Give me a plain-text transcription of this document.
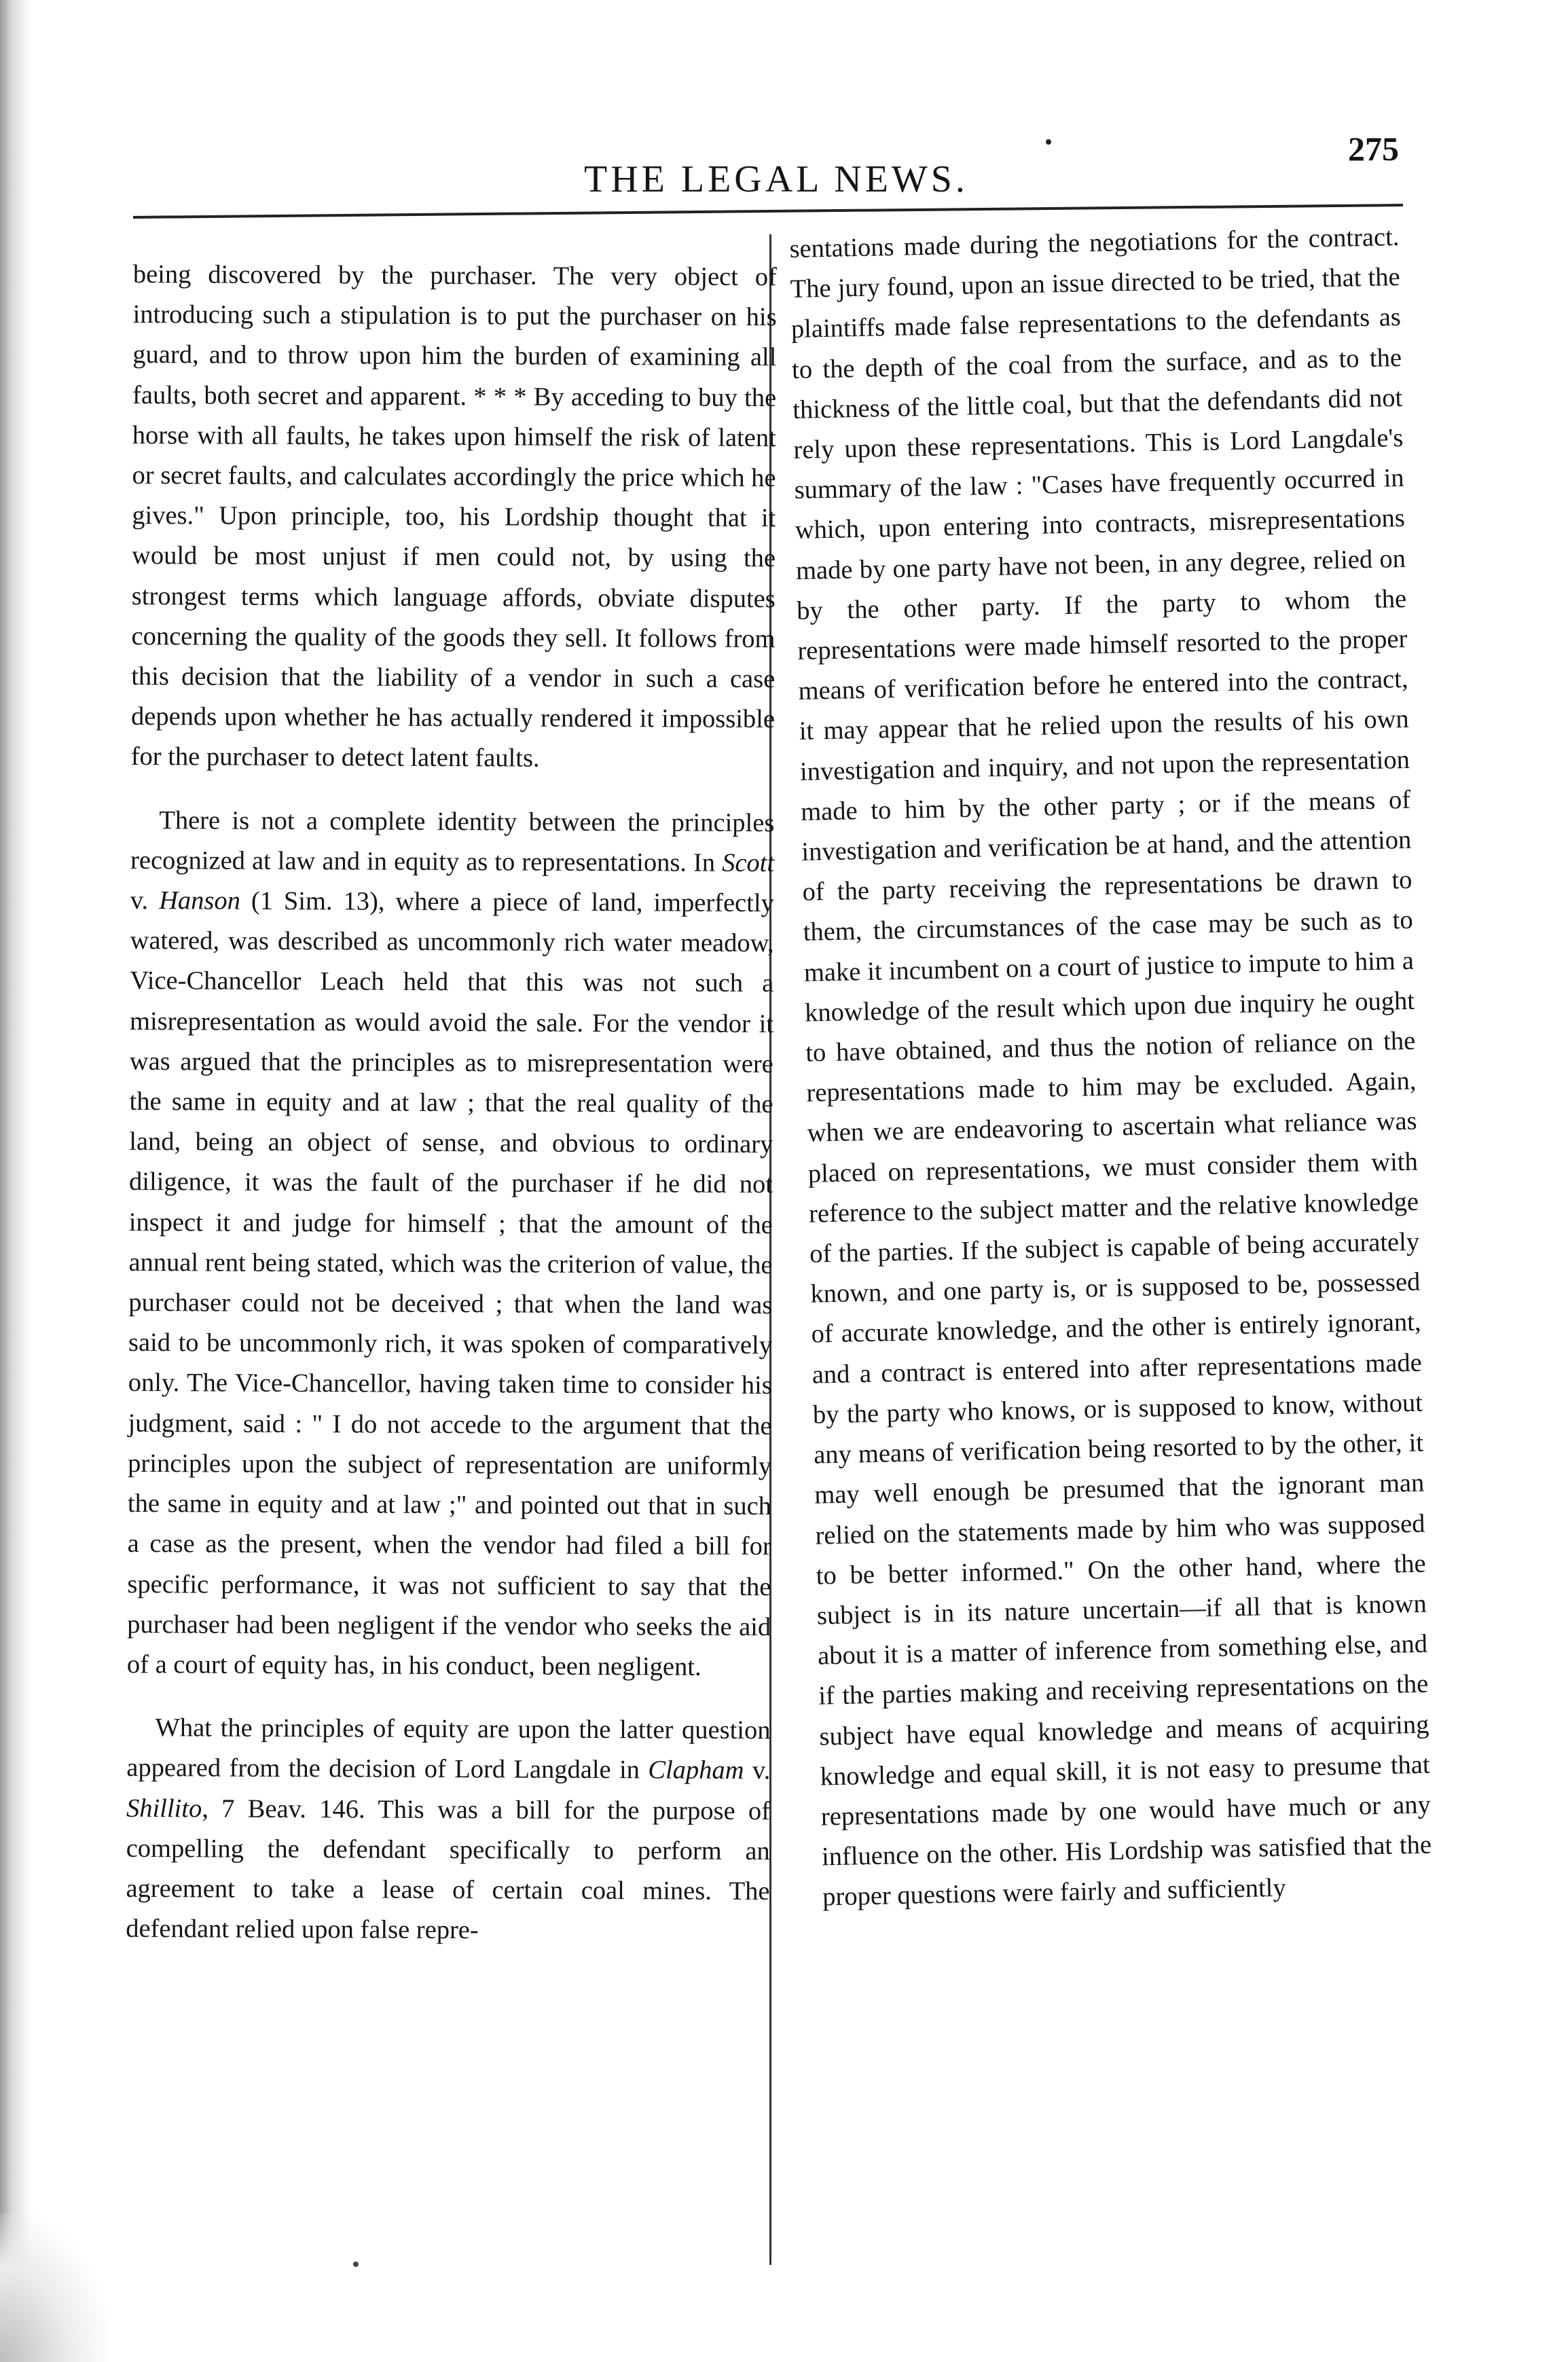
THE LEGAL NEWS.
275

being discovered by the purchaser. The very object of introducing such a stipulation is to put the purchaser on his guard, and to throw upon him the burden of examining all faults, both secret and apparent. * * * By acceding to buy the horse with all faults, he takes upon himself the risk of latent or secret faults, and calculates accordingly the price which he gives." Upon principle, too, his Lordship thought that it would be most unjust if men could not, by using the strongest terms which language affords, obviate disputes concerning the quality of the goods they sell. It follows from this decision that the liability of a vendor in such a case depends upon whether he has actually rendered it impossible for the purchaser to detect latent faults.

There is not a complete identity between the principles recognized at law and in equity as to representations. In Scott v. Hanson (1 Sim. 13), where a piece of land, imperfectly watered, was described as uncommonly rich water meadow, Vice-Chancellor Leach held that this was not such a misrepresentation as would avoid the sale. For the vendor it was argued that the principles as to misrepresentation were the same in equity and at law ; that the real quality of the land, being an object of sense, and obvious to ordinary diligence, it was the fault of the purchaser if he did not inspect it and judge for himself ; that the amount of the annual rent being stated, which was the criterion of value, the purchaser could not be deceived ; that when the land was said to be uncommonly rich, it was spoken of comparatively only. The Vice-Chancellor, having taken time to consider his judgment, said : " I do not accede to the argument that the principles upon the subject of representation are uniformly the same in equity and at law ;" and pointed out that in such a case as the present, when the vendor had filed a bill for specific performance, it was not sufficient to say that the purchaser had been negligent if the vendor who seeks the aid of a court of equity has, in his conduct, been negligent.

What the principles of equity are upon the latter question appeared from the decision of Lord Langdale in Clapham v. Shillito, 7 Beav. 146. This was a bill for the purpose of compelling the defendant specifically to perform an agreement to take a lease of certain coal mines. The defendant relied upon false repre-

sentations made during the negotiations for the contract. The jury found, upon an issue directed to be tried, that the plaintiffs made false representations to the defendants as to the depth of the coal from the surface, and as to the thickness of the little coal, but that the defendants did not rely upon these representations. This is Lord Langdale's summary of the law : "Cases have frequently occurred in which, upon entering into contracts, misrepresentations made by one party have not been, in any degree, relied on by the other party. If the party to whom the representations were made himself resorted to the proper means of verification before he entered into the contract, it may appear that he relied upon the results of his own investigation and inquiry, and not upon the representation made to him by the other party ; or if the means of investigation and verification be at hand, and the attention of the party receiving the representations be drawn to them, the circumstances of the case may be such as to make it incumbent on a court of justice to impute to him a knowledge of the result which upon due inquiry he ought to have obtained, and thus the notion of reliance on the representations made to him may be excluded. Again, when we are endeavoring to ascertain what reliance was placed on representations, we must consider them with reference to the subject matter and the relative knowledge of the parties. If the subject is capable of being accurately known, and one party is, or is supposed to be, possessed of accurate knowledge, and the other is entirely ignorant, and a contract is entered into after representations made by the party who knows, or is supposed to know, without any means of verification being resorted to by the other, it may well enough be presumed that the ignorant man relied on the statements made by him who was supposed to be better informed." On the other hand, where the subject is in its nature uncertain—if all that is known about it is a matter of inference from something else, and if the parties making and receiving representations on the subject have equal knowledge and means of acquiring knowledge and equal skill, it is not easy to presume that representations made by one would have much or any influence on the other. His Lordship was satisfied that the proper questions were fairly and sufficiently
